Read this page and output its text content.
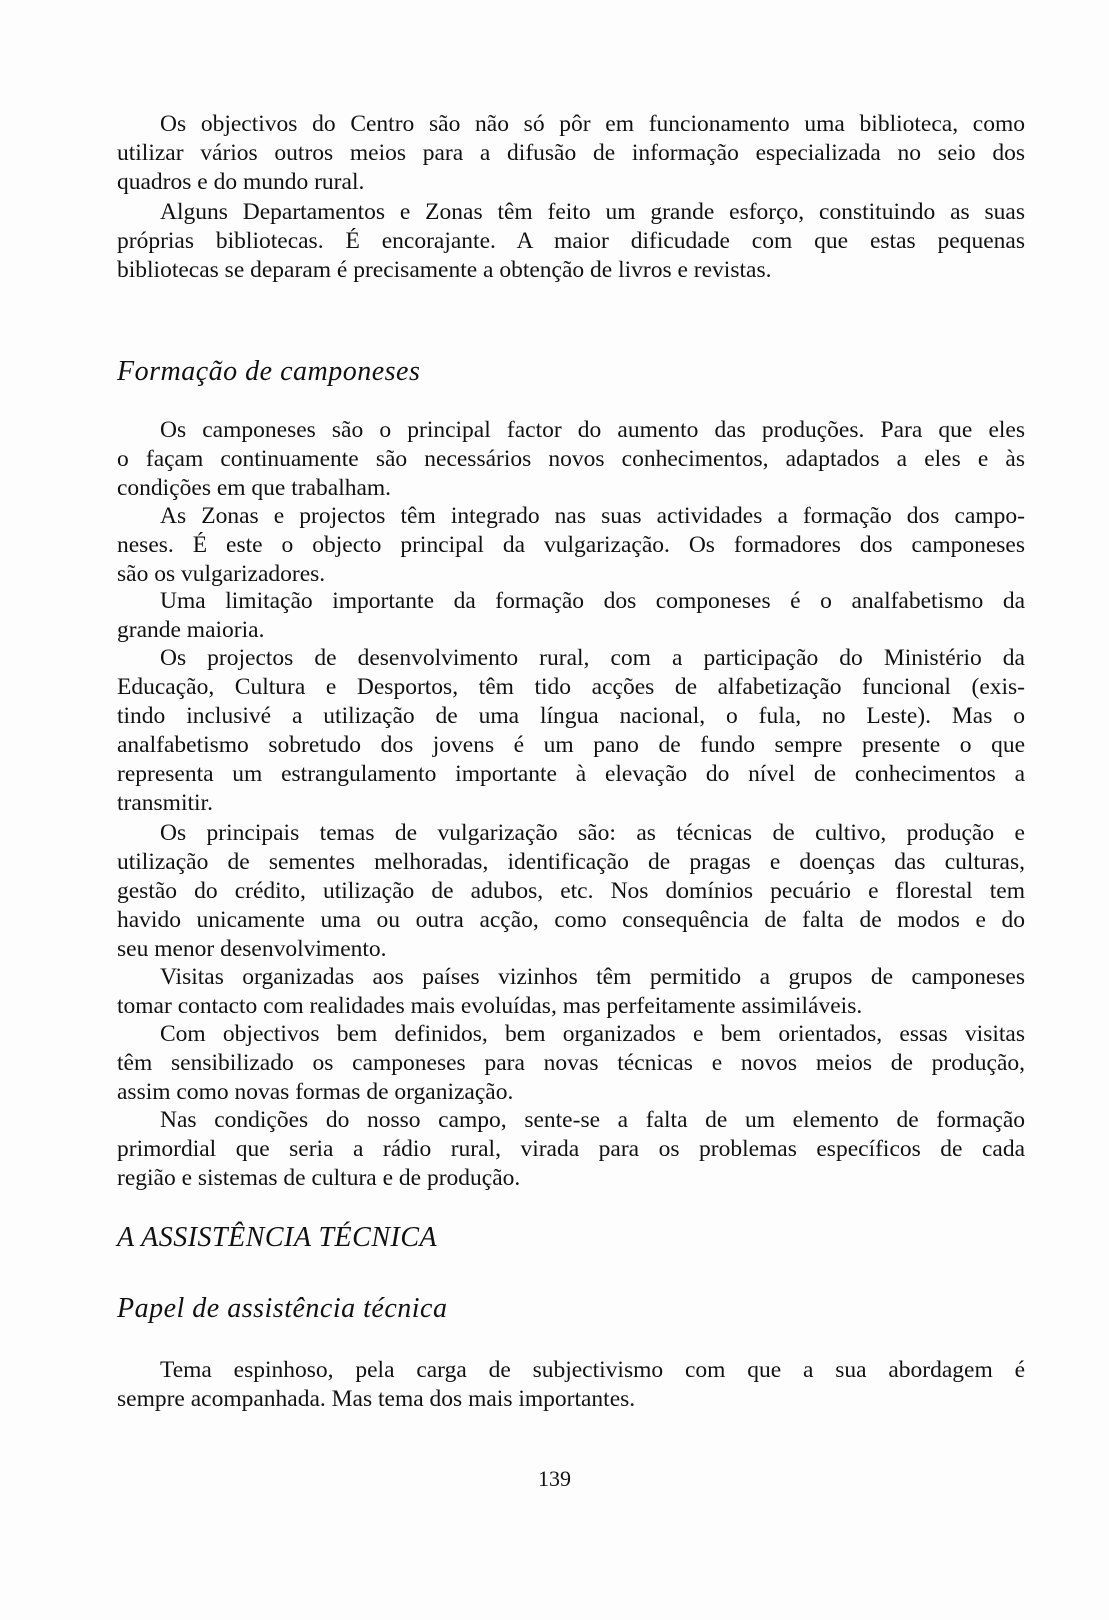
139
Os objectivos do Centro são não só pôr em funcionamento uma biblioteca, como
utilizar vários outros meios para a difusão de informação especializada no seio dos
quadros e do mundo rural.
Alguns Departamentos e Zonas têm feito um grande esforço, constituindo as suas
próprias bibliotecas. É encorajante. A maior dificudade com que estas pequenas
bibliotecas se deparam é precisamente a obtenção de livros e revistas.
Formação de camponeses
Os camponeses são o principal factor do aumento das produções. Para que eles
o façam continuamente são necessários novos conhecimentos, adaptados a eles e às
condições em que trabalham.
As Zonas e projectos têm integrado nas suas actividades a formação dos campo-
neses. É este o objecto principal da vulgarização. Os formadores dos camponeses
são os vulgarizadores.
Uma limitação importante da formação dos componeses é o analfabetismo da
grande maioria.
Os projectos de desenvolvimento rural, com a participação do Ministério da
Educação, Cultura e Desportos, têm tido acções de alfabetização funcional (exis-
tindo inclusivé a utilização de uma língua nacional, o fula, no Leste). Mas o
analfabetismo sobretudo dos jovens é um pano de fundo sempre presente o que
representa um estrangulamento importante à elevação do nível de conhecimentos a
transmitir.
Os principais temas de vulgarização são: as técnicas de cultivo, produção e
utilização de sementes melhoradas, identificação de pragas e doenças das culturas,
gestão do crédito, utilização de adubos, etc. Nos domínios pecuário e florestal tem
havido unicamente uma ou outra acção, como consequência de falta de modos e do
seu menor desenvolvimento.
Visitas organizadas aos países vizinhos têm permitido a grupos de camponeses
tomar contacto com realidades mais evoluídas, mas perfeitamente assimiláveis.
Com objectivos bem definidos, bem organizados e bem orientados, essas visitas
têm sensibilizado os camponeses para novas técnicas e novos meios de produção,
assim como novas formas de organização.
Nas condições do nosso campo, sente-se a falta de um elemento de formação
primordial que seria a rádio rural, virada para os problemas específicos de cada
região e sistemas de cultura e de produção.
A ASSISTÊNCIA TÉCNICA
Papel de assistência técnica
Tema espinhoso, pela carga de subjectivismo com que a sua abordagem é
sempre acompanhada. Mas tema dos mais importantes.
